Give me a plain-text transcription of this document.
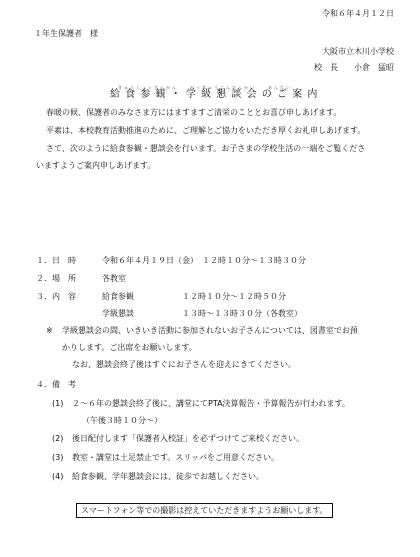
令和６年４月１２日
１年生保護者　様
大阪市立木川小学校
校　長　　小倉　猛昭
きゅうしょくさんかん　　がっきゅうこんだんかい　　あんない
給 食 参 観 ・ 学 級 懇 談 会 の ご 案 内
春暖の候、保護者のみなさま方にはますますご清栄のこととお喜び申しあげます。
平素は、本校教育活動推進のために、ご理解とご協力をいただき厚くお礼申しあげます。
さて、次のように給食参観・懇談会を行います。お子さまの学校生活の一端をご覧くださ
いますようご案内申しあげます。
１．日　時	令和６年４月１９日（金）　１２時１０分～１３時３０分
２．場　所	各教室
３．内　容	給食参観	１２時１０分～１２時５０分
学級懇談	１３時～１３時３０分（各教室）
※ 学級懇談会の間、いきいき活動に参加されないお子さんについては、図書室でお預
かりします。ご出席をお願いします。
なお、懇談会終了後はすぐにお子さんを迎えにきてください。
４．備　考
(1) ２～６年の懇談会終了後に、講堂にてPTA決算報告・予算報告が行われます。
（午後３時１０分～）
(2) 後日配付します「保護者入校証」を必ずつけてご来校ください。
(3) 教室・講堂は土足禁止です。スリッパをご用意ください。
(4) 給食参観、学年懇談会には、徒歩でお越しください。
スマートフォン等での撮影は控えていただきますようお願いします。
